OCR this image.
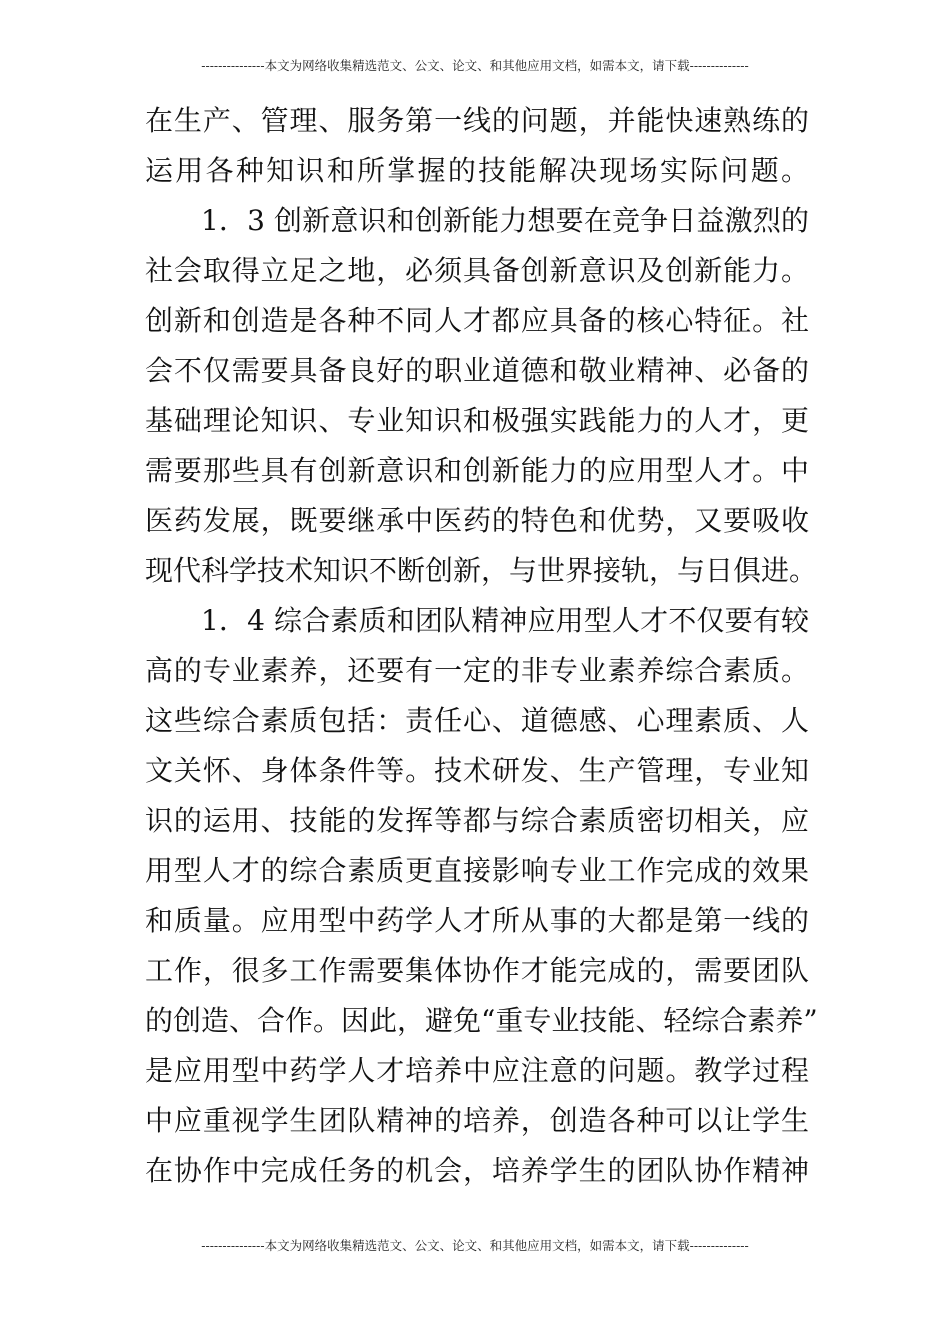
---------------本文为网络收集精选范文、公文、论文、和其他应用文档，如需本文，请下载--------------
在生产、管理、服务第一线的问题，并能快速熟练的
运用各种知识和所掌握的技能解决现场实际问题。
1．3 创新意识和创新能力想要在竞争日益激烈的
社会取得立足之地，必须具备创新意识及创新能力。
创新和创造是各种不同人才都应具备的核心特征。社
会不仅需要具备良好的职业道德和敬业精神、必备的
基础理论知识、专业知识和极强实践能力的人才，更
需要那些具有创新意识和创新能力的应用型人才。中
医药发展，既要继承中医药的特色和优势，又要吸收
现代科学技术知识不断创新，与世界接轨，与日俱进。
1．4 综合素质和团队精神应用型人才不仅要有较
高的专业素养，还要有一定的非专业素养综合素质。
这些综合素质包括：责任心、道德感、心理素质、人
文关怀、身体条件等。技术研发、生产管理，专业知
识的运用、技能的发挥等都与综合素质密切相关，应
用型人才的综合素质更直接影响专业工作完成的效果
和质量。应用型中药学人才所从事的大都是第一线的
工作，很多工作需要集体协作才能完成的，需要团队
的创造、合作。因此，避免“重专业技能、轻综合素养”
是应用型中药学人才培养中应注意的问题。教学过程
中应重视学生团队精神的培养，创造各种可以让学生
在协作中完成任务的机会，培养学生的团队协作精神
---------------本文为网络收集精选范文、公文、论文、和其他应用文档，如需本文，请下载--------------
